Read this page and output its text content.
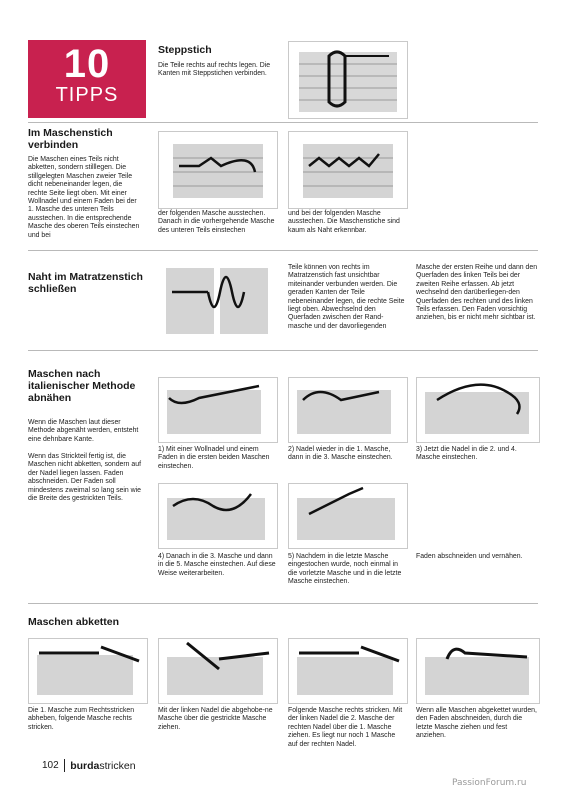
10
TIPPS
Steppstich

Die Teile rechts auf rechts legen. Die Kanten mit Steppstichen verbinden.

Im Maschenstich verbinden

Die Maschen eines Teils nicht abketten, sondern stilllegen. Die stillgelegten Maschen zweier Teile dicht nebeneinander legen, die rechte Seite liegt oben. Mit einer Wollnadel und einem Faden bei der 1. Masche des unteren Teils ausstechen. In die entsprechende Masche des oberen Teils einstechen und bei

der folgenden Masche ausstechen. Danach in die vorhergehende Masche des unteren Teils einstechen

und bei der folgenden Masche ausstechen. Die Maschenstiche sind kaum als Naht erkennbar.

Naht im Matratzenstich schließen

Teile können von rechts im Matratzenstich fast unsichtbar miteinander verbunden werden. Die geraden Kanten der Teile nebeneinander legen, die rechte Seite liegt oben. Abwechselnd den Querfaden zwischen der Rand-masche und der davorliegenden

Masche der ersten Reihe und dann den Querfaden des linken Teils bei der zweiten Reihe erfassen. Ab jetzt wechselnd den darüberliegen-den Querfaden des rechten und des linken Teils erfassen. Den Faden vorsichtig anziehen, bis er nicht mehr sichtbar ist.

Maschen nach italienischer Methode abnähen

Wenn die Maschen laut dieser Methode abgenäht werden, entsteht eine dehnbare Kante.

Wenn das Strickteil fertig ist, die Maschen nicht abketten, sondern auf der Nadel liegen lassen. Faden abschneiden. Der Faden soll mindestens zweimal so lang sein wie die Breite des gestrickten Teils.

1) Mit einer Wollnadel und einem Faden in die ersten beiden Maschen einstechen.

2) Nadel wieder in die 1. Masche, dann in die 3. Masche einstechen.

3) Jetzt die Nadel in die 2. und 4. Masche einstechen.

4) Danach in die 3. Masche und dann in die 5. Masche einstechen. Auf diese Weise weiterarbeiten.

5) Nachdem in die letzte Masche eingestochen wurde, noch einmal in die vorletzte Masche und in die letzte Masche einstechen.

Faden abschneiden und vernähen.

Maschen abketten

Die 1. Masche zum Rechtsstricken abheben, folgende Masche rechts stricken.

Mit der linken Nadel die abgehobe-ne Masche über die gestrickte Masche ziehen.

Folgende Masche rechts stricken. Mit der linken Nadel die 2. Masche der rechten Nadel über die 1. Masche ziehen. Es liegt nur noch 1 Masche auf der rechten Nadel.

Wenn alle Maschen abgekettet wurden, den Faden abschneiden, durch die letzte Masche ziehen und fest anziehen.

102 burdastricken
PassionForum.ru
